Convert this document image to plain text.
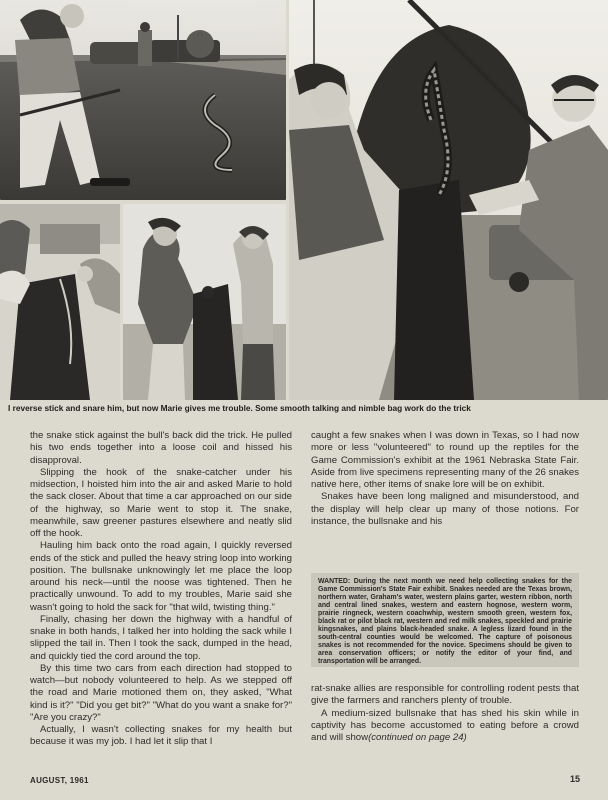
I reverse stick and snare him, but now Marie gives me trouble. Some smooth talking and nimble bag work do the trick

the snake stick against the bull's back did the trick. He pulled his two ends together into a loose coil and hissed his disapproval.

Slipping the hook of the snake-catcher under his midsection, I hoisted him into the air and asked Marie to hold the sack closer. About that time a car approached on our side of the highway, so Marie went to stop it. The snake, meanwhile, saw greener pastures elsewhere and neatly slid off the hook.

Hauling him back onto the road again, I quickly reversed ends of the stick and pulled the heavy string loop into working position. The bullsnake unknowingly let me place the loop around his neck—until the noose was tightened. Then he practically unwound. To add to my troubles, Marie said she wasn't going to hold the sack for "that wild, twisting thing."

Finally, chasing her down the highway with a handful of snake in both hands, I talked her into holding the sack while I slipped the tail in. Then I took the sack, dumped in the head, and quickly tied the cord around the top.

By this time two cars from each direction had stopped to watch—but nobody volunteered to help. As we stepped off the road and Marie motioned them on, they asked, "What kind is it?" "Did you get bit?" "What do you want a snake for?" "Are you crazy?"

Actually, I wasn't collecting snakes for my health but because it was my job. I had let it slip that I

caught a few snakes when I was down in Texas, so I had now more or less "volunteered" to round up the reptiles for the Game Commission's exhibit at the 1961 Nebraska State Fair. Aside from live specimens representing many of the 26 snakes native here, other items of snake lore will be on exhibit.

Snakes have been long maligned and misunderstood, and the display will help clear up many of those notions. For instance, the bullsnake and his

WANTED: During the next month we need help collecting snakes for the Game Commission's State Fair exhibit. Snakes needed are the Texas brown, northern water, Graham's water, western plains garter, western ribbon, north and central lined snakes, western and eastern hognose, western worm, prairie ringneck, western coachwhip, western smooth green, western fox, black rat or pilot black rat, western and red milk snakes, speckled and prairie kingsnakes, and plains black-headed snake. A legless lizard found in the south-central counties would be welcomed. The capture of poisonous snakes is not recommended for the novice. Specimens should be given to area conservation officers; or notify the editor of your find, and transportation will be arranged.

rat-snake allies are responsible for controlling rodent pests that give the farmers and ranchers plenty of trouble.

A medium-sized bullsnake that has shed his skin while in captivity has become accustomed to eating before a crowd and will show(continued on page 24)

AUGUST, 1961	15
